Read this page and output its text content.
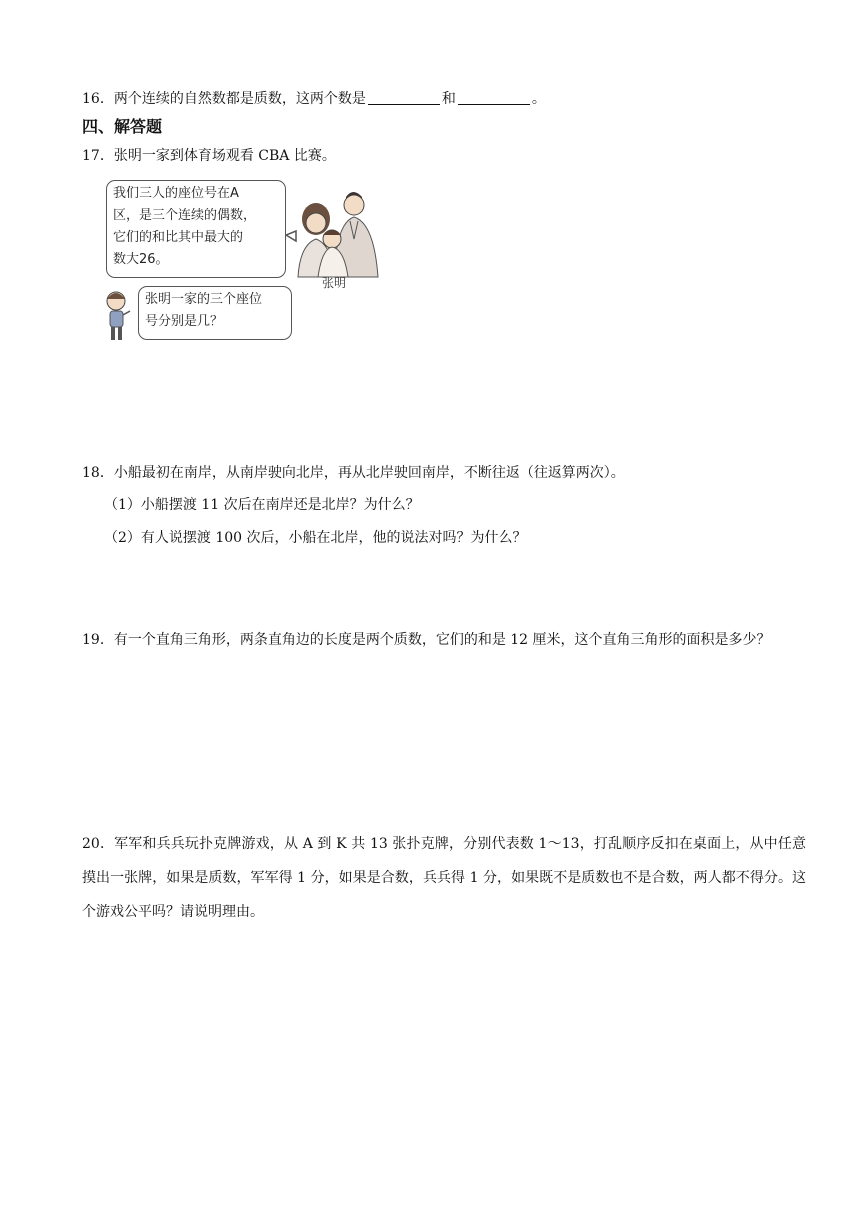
16．两个连续的自然数都是质数，这两个数是	和	。
四、解答题
17．张明一家到体育场观看 CBA 比赛。
我们三人的座位号在A
区，是三个连续的偶数，
它们的和比其中最大的
数大26。
张明
张明一家的三个座位
号分别是几？
18．小船最初在南岸，从南岸驶向北岸，再从北岸驶回南岸，不断往返（往返算两次）。
（1）小船摆渡 11 次后在南岸还是北岸？为什么？
（2）有人说摆渡 100 次后，小船在北岸，他的说法对吗？为什么？
19．有一个直角三角形，两条直角边的长度是两个质数，它们的和是 12 厘米，这个直角三角形的面积是多少？
20．军军和兵兵玩扑克牌游戏，从 A 到 K 共 13 张扑克牌，分别代表数 1～13，打乱顺序反扣在桌面上，从中任意摸出一张牌，如果是质数，军军得 1 分，如果是合数，兵兵得 1 分，如果既不是质数也不是合数，两人都不得分。这个游戏公平吗？请说明理由。
